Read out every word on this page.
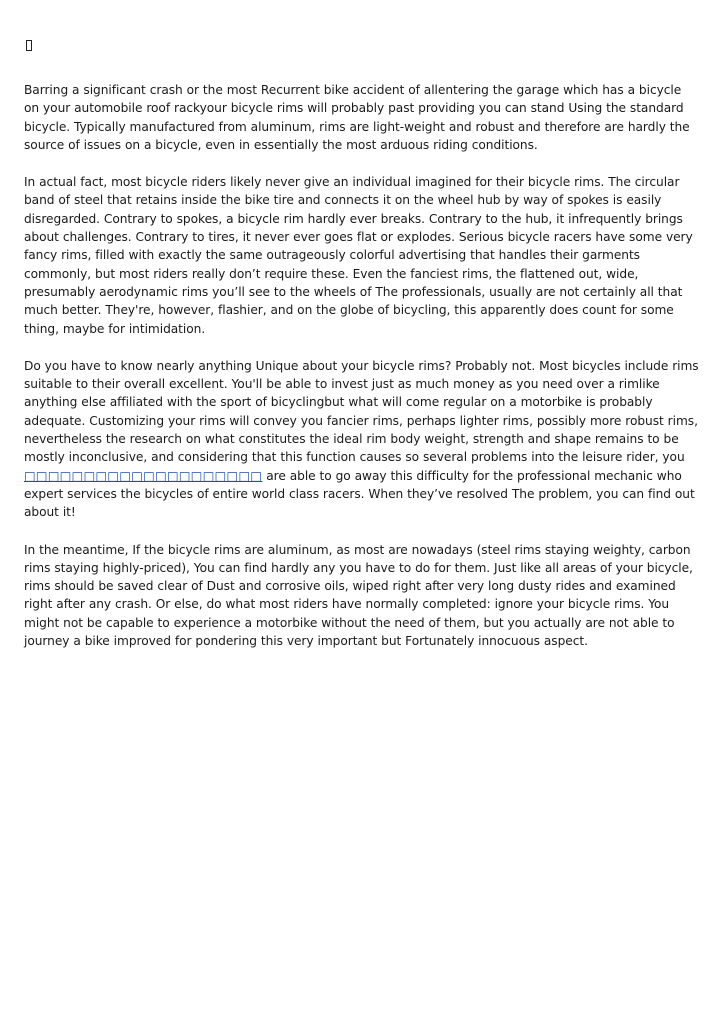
Barring a significant crash or the most Recurrent bike accident of allentering the garage which has a bicycle on your automobile roof rackyour bicycle rims will probably past providing you can stand Using the standard bicycle. Typically manufactured from aluminum, rims are light-weight and robust and therefore are hardly the source of issues on a bicycle, even in essentially the most arduous riding conditions.

In actual fact, most bicycle riders likely never give an individual imagined for their bicycle rims. The circular band of steel that retains inside the bike tire and connects it on the wheel hub by way of spokes is easily disregarded. Contrary to spokes, a bicycle rim hardly ever breaks. Contrary to the hub, it infrequently brings about challenges. Contrary to tires, it never ever goes flat or explodes. Serious bicycle racers have some very fancy rims, filled with exactly the same outrageously colorful advertising that handles their garments commonly, but most riders really don’t require these. Even the fanciest rims, the flattened out, wide, presumably aerodynamic rims you’ll see to the wheels of The professionals, usually are not certainly all that much better. They're, however, flashier, and on the globe of bicycling, this apparently does count for some thing, maybe for intimidation.

Do you have to know nearly anything Unique about your bicycle rims? Probably not. Most bicycles include rims suitable to their overall excellent. You'll be able to invest just as much money as you need over a rimlike anything else affiliated with the sport of bicyclingbut what will come regular on a motorbike is probably adequate. Customizing your rims will convey you fancier rims, perhaps lighter rims, possibly more robust rims, nevertheless the research on what constitutes the ideal rim body weight, strength and shape remains to be mostly inconclusive, and considering that this function causes so several problems into the leisure rider, you □□□□□□□□□□□□□□□□□□□□ are able to go away this difficulty for the professional mechanic who expert services the bicycles of entire world class racers. When they’ve resolved The problem, you can find out about it!

In the meantime, If the bicycle rims are aluminum, as most are nowadays (steel rims staying weighty, carbon rims staying highly-priced), You can find hardly any you have to do for them. Just like all areas of your bicycle, rims should be saved clear of Dust and corrosive oils, wiped right after very long dusty rides and examined right after any crash. Or else, do what most riders have normally completed: ignore your bicycle rims. You might not be capable to experience a motorbike without the need of them, but you actually are not able to journey a bike improved for pondering this very important but Fortunately innocuous aspect.
